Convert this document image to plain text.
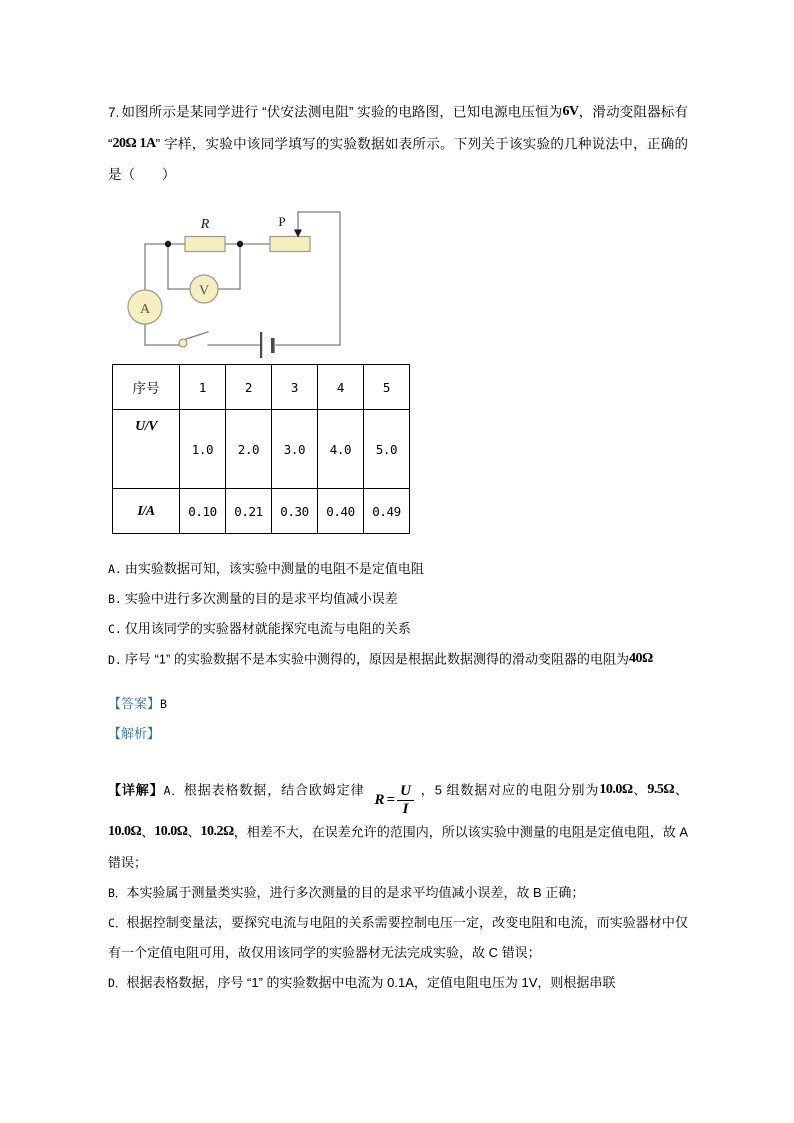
7. 如图所示是某同学进行 “伏安法测电阻” 实验的电路图，已知电源电压恒为6V，滑动变阻器标有 “20Ω 1A” 字样，实验中该同学填写的实验数据如表所示。下列关于该实验的几种说法中，正确的是（　　）
R	P
V
A
序号	1	2	3	4	5
U/V	1.0	2.0	3.0	4.0	5.0
I/A	0.10	0.21	0.30	0.40	0.49
A. 由实验数据可知，该实验中测量的电阻不是定值电阻
B. 实验中进行多次测量的目的是求平均值减小误差
C. 仅用该同学的实验器材就能探究电流与电阻的关系
D. 序号 “1” 的实验数据不是本实验中测得的，原因是根据此数据测得的滑动变阻器的电阻为40Ω
【答案】B
【解析】

【详解】A．根据表格数据，结合欧姆定律$R = \frac{U}{I}$ ，5 组数据对应的电阻分别为10.0Ω、9.5Ω、10.0Ω、10.0Ω、10.2Ω，相差不大，在误差允许的范围内，所以该实验中测量的电阻是定值电阻，故 A 错误；

B．本实验属于测量类实验，进行多次测量的目的是求平均值减小误差，故 B 正确；

C．根据控制变量法，要探究电流与电阻的关系需要控制电压一定，改变电阻和电流，而实验器材中仅有一个定值电阻可用，故仅用该同学的实验器材无法完成实验，故 C 错误；

D．根据表格数据，序号 “1” 的实验数据中电流为 0.1A，定值电阻电压为 1V，则根据串联
